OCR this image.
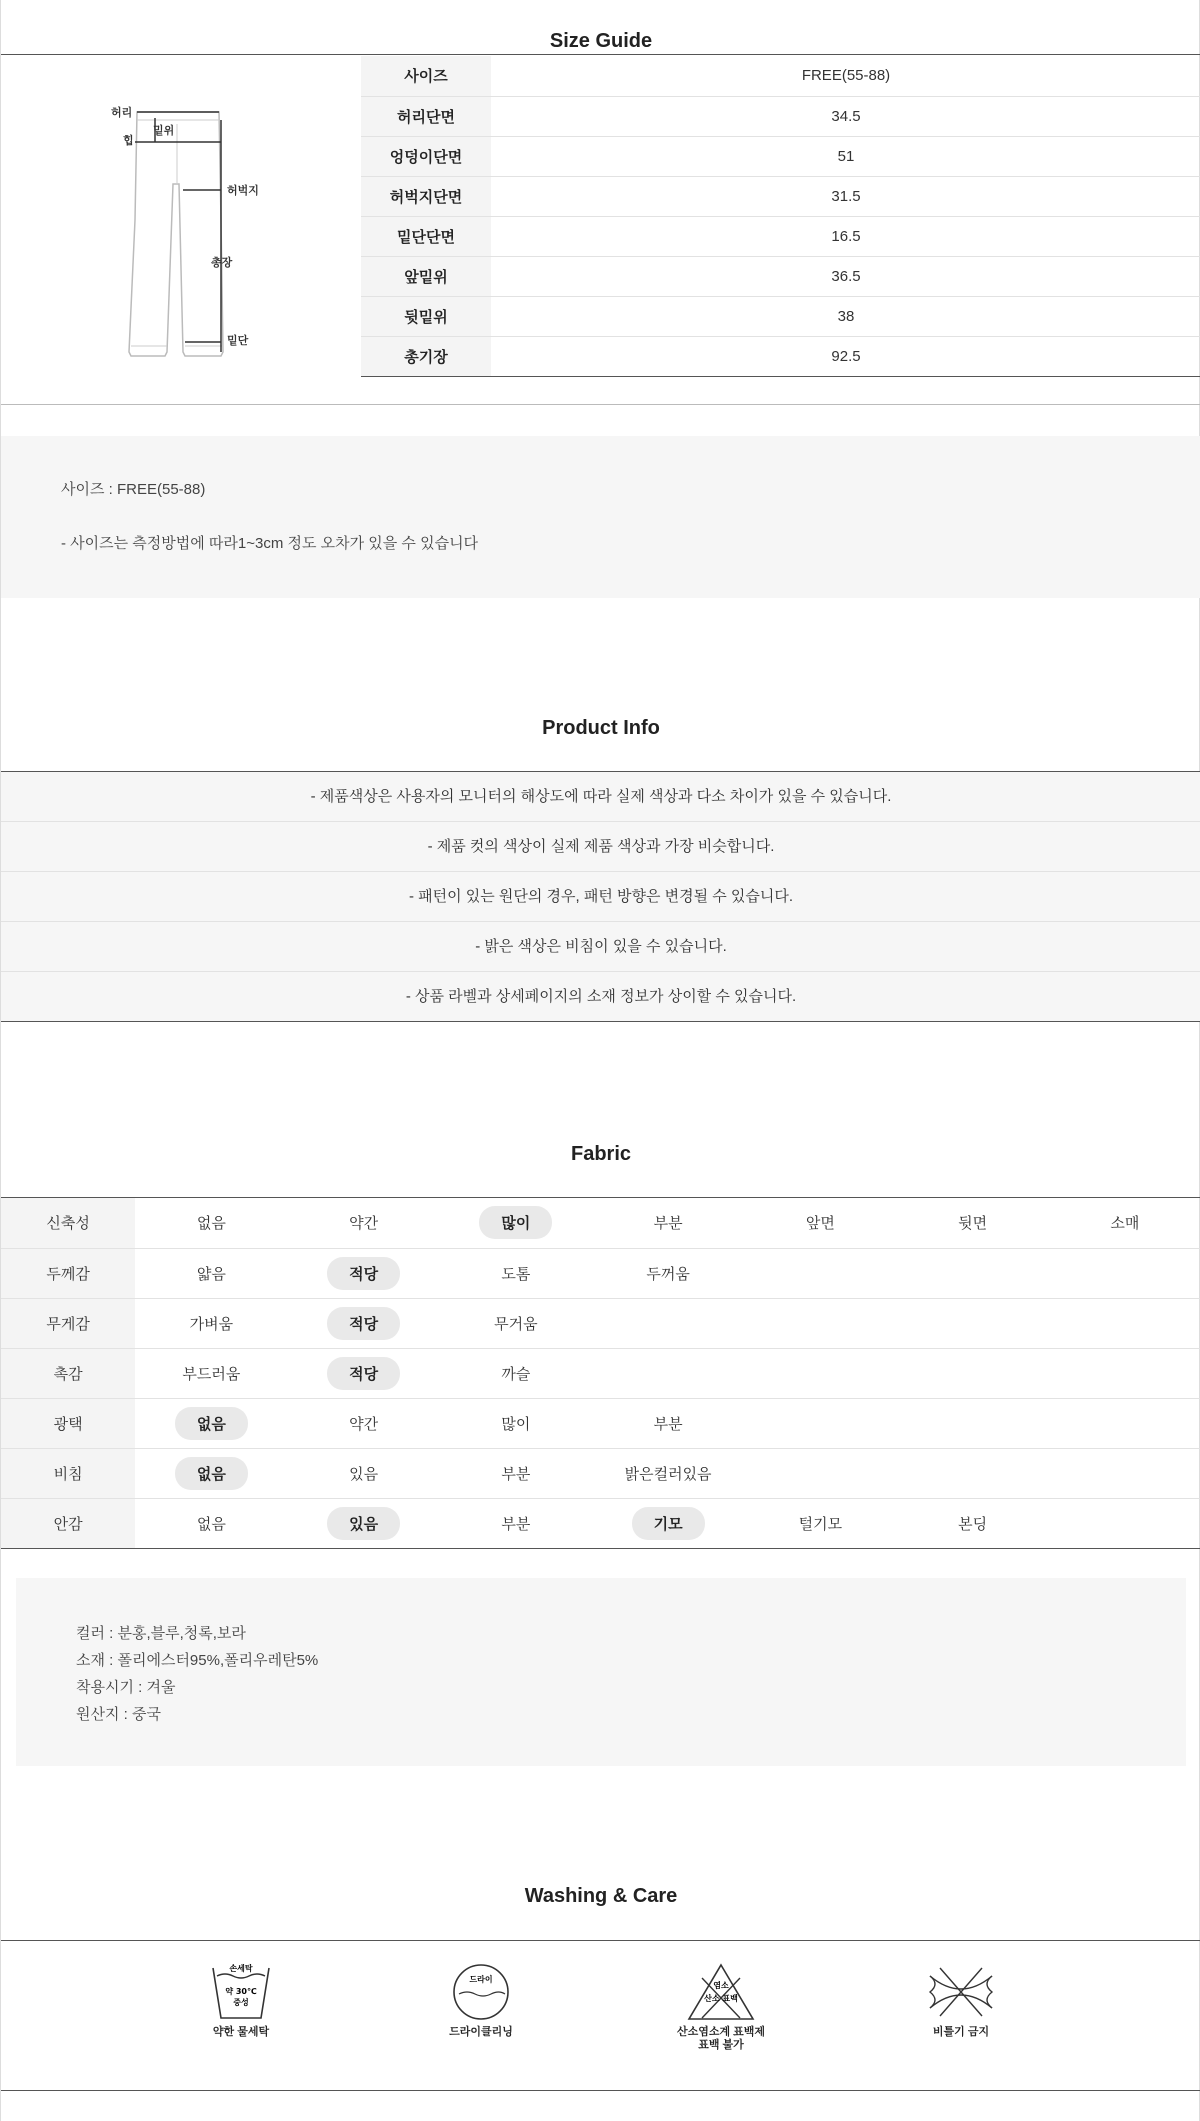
Size Guide
허리
힙
밑위
허벅지
총장
밑단
사이즈	FREE(55-88)
허리단면	34.5
엉덩이단면	51
허벅지단면	31.5
밑단단면	16.5
앞밑위	36.5
뒷밑위	38
총기장	92.5
사이즈 : FREE(55-88)
- 사이즈는 측정방법에 따라1~3cm 정도 오차가 있을 수 있습니다
Product Info
- 제품색상은 사용자의 모니터의 해상도에 따라 실제 색상과 다소 차이가 있을 수 있습니다.
- 제품 컷의 색상이 실제 제품 색상과 가장 비슷합니다.
- 패턴이 있는 원단의 경우, 패턴 방향은 변경될 수 있습니다.
- 밝은 색상은 비침이 있을 수 있습니다.
- 상품 라벨과 상세페이지의 소재 정보가 상이할 수 있습니다.
Fabric
신축성	없음	약간	많이	부분	앞면	뒷면	소매
두께감	얇음	적당	도톰	두꺼움			
무게감	가벼움	적당	무거움				
촉감	부드러움	적당	까슬				
광택	없음	약간	많이	부분			
비침	없음	있음	부분	밝은컬러있음			
안감	없음	있음	부분	기모	털기모	본딩	
컬러 : 분홍,블루,청록,보라
소재 : 폴리에스터95%,폴리우레탄5%
착용시기 : 겨울
원산지 : 중국
Washing & Care
손세탁
약 30℃
중성
약한 물세탁
드라이
드라이클리닝
염소
산소 표백
산소염소계 표백제
표백 불가
비틀기 금지
